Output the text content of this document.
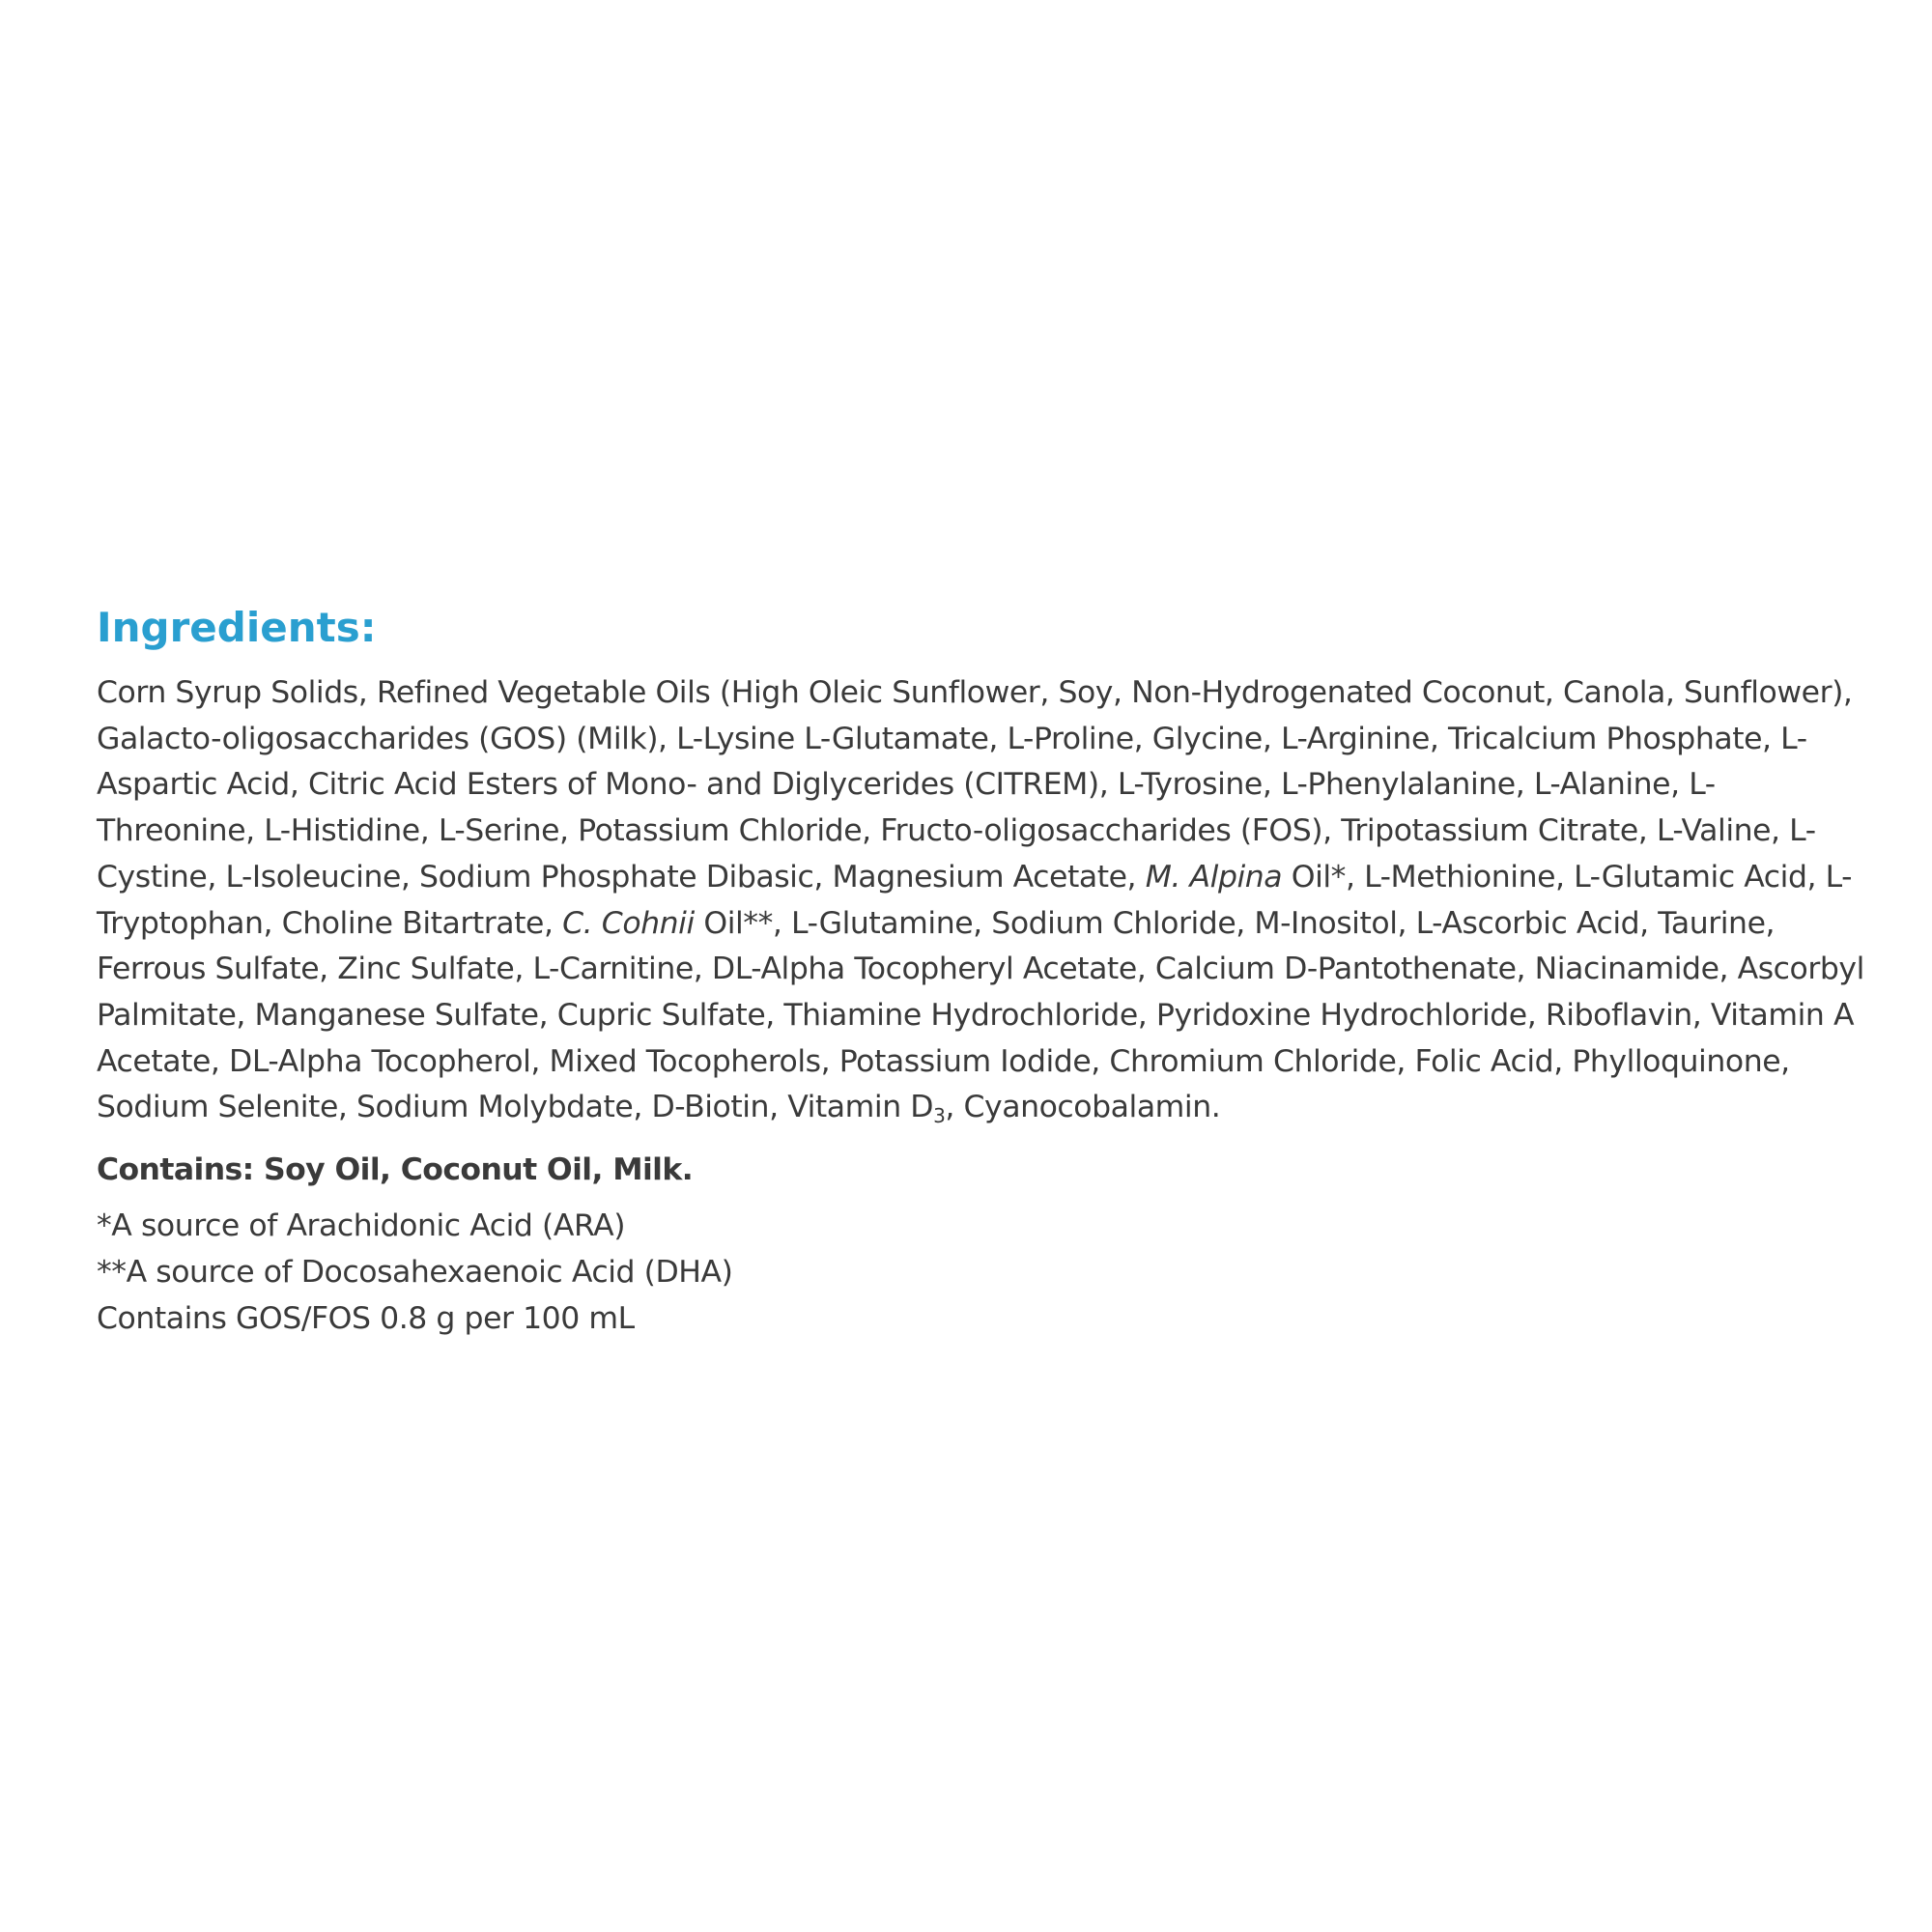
Ingredients:

Corn Syrup Solids, Refined Vegetable Oils (High Oleic Sunflower, Soy, Non-Hydrogenated Coconut, Canola, Sunflower), Galacto-oligosaccharides (GOS) (Milk), L-Lysine L-Glutamate, L-Proline, Glycine, L-Arginine, Tricalcium Phosphate, L-Aspartic Acid, Citric Acid Esters of Mono- and Diglycerides (CITREM), L-Tyrosine, L-Phenylalanine, L-Alanine, L-Threonine, L-Histidine, L-Serine, Potassium Chloride, Fructo-oligosaccharides (FOS), Tripotassium Citrate, L-Valine, L-Cystine, L-Isoleucine, Sodium Phosphate Dibasic, Magnesium Acetate, M. Alpina Oil*, L-Methionine, L-Glutamic Acid, L-Tryptophan, Choline Bitartrate, C. Cohnii Oil**, L-Glutamine, Sodium Chloride, M-Inositol, L-Ascorbic Acid, Taurine, Ferrous Sulfate, Zinc Sulfate, L-Carnitine, DL-Alpha Tocopheryl Acetate, Calcium D-Pantothenate, Niacinamide, Ascorbyl Palmitate, Manganese Sulfate, Cupric Sulfate, Thiamine Hydrochloride, Pyridoxine Hydrochloride, Riboflavin, Vitamin A Acetate, DL-Alpha Tocopherol, Mixed Tocopherols, Potassium Iodide, Chromium Chloride, Folic Acid, Phylloquinone, Sodium Selenite, Sodium Molybdate, D-Biotin, Vitamin $D_3$, Cyanocobalamin.

Contains: Soy Oil, Coconut Oil, Milk.

*A source of Arachidonic Acid (ARA)
**A source of Docosahexaenoic Acid (DHA)
Contains GOS/FOS 0.8 g per 100 mL
